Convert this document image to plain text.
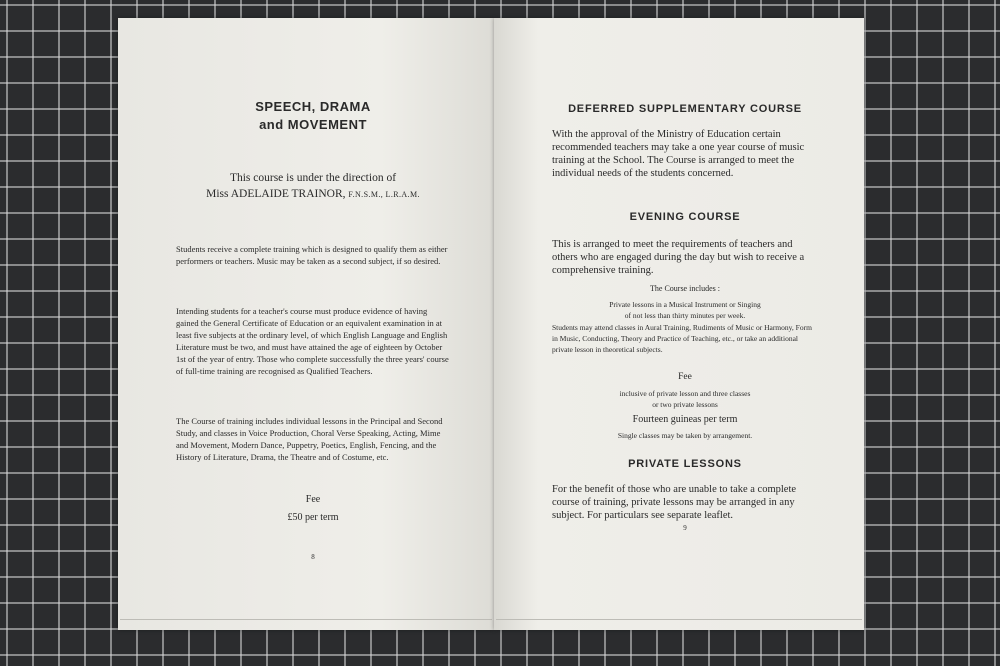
SPEECH, DRAMA
and MOVEMENT
This course is under the direction of
Miss ADELAIDE TRAINOR, F.N.S.M., L.R.A.M.

Students receive a complete training which is designed to qualify them as either performers or teachers. Music may be taken as a second subject, if so desired.

Intending students for a teacher's course must produce evidence of having gained the General Certificate of Education or an equivalent examination in at least five subjects at the ordinary level, of which English Language and English Literature must be two, and must have attained the age of eighteen by October 1st of the year of entry. Those who complete successfully the three years' course of full-time training are recognised as Qualified Teachers.

The Course of training includes individual lessons in the Principal and Second Study, and classes in Voice Production, Choral Verse Speaking, Acting, Mime and Movement, Modern Dance, Puppetry, Poetics, English, Fencing, and the History of Literature, Drama, the Theatre and of Costume, etc.

Fee
£50 per term
8
DEFERRED SUPPLEMENTARY COURSE

With the approval of the Ministry of Education certain recommended teachers may take a one year course of music training at the School. The Course is arranged to meet the individual needs of the students concerned.

EVENING COURSE

This is arranged to meet the requirements of teachers and others who are engaged during the day but wish to receive a comprehensive training.

The Course includes :
Private lessons in a Musical Instrument or Singing
of not less than thirty minutes per week.

Students may attend classes in Aural Training, Rudiments of Music or Harmony, Form in Music, Conducting, Theory and Practice of Teaching, etc., or take an additional private lesson in theoretical subjects.

Fee
inclusive of private lesson and three classes
or two private lessons
Fourteen guineas per term
Single classes may be taken by arrangement.
PRIVATE LESSONS

For the benefit of those who are unable to take a complete course of training, private lessons may be arranged in any subject. For particulars see separate leaflet.

9
